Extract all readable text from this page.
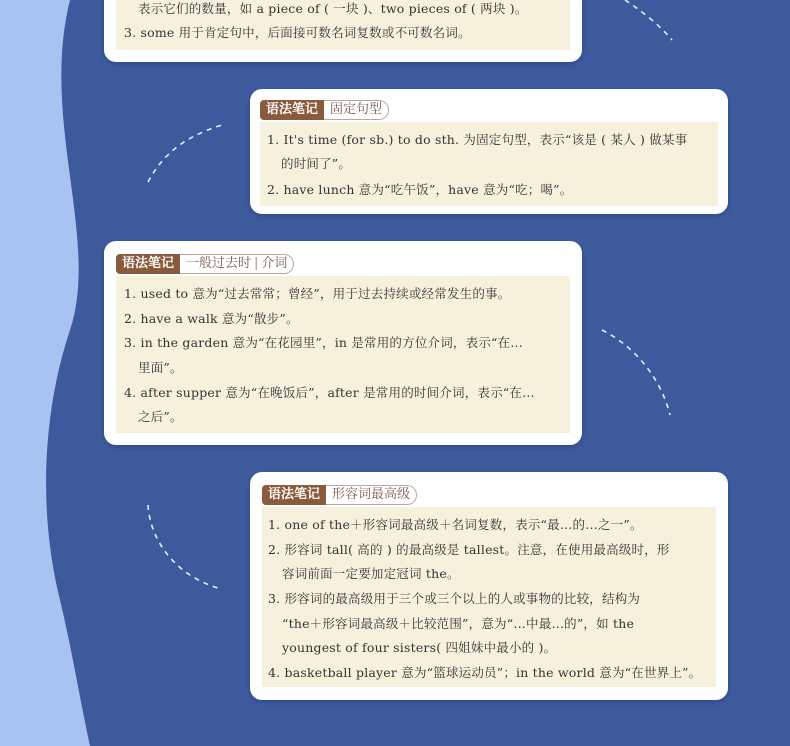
表示它们的数量，如 a piece of ( 一块 )、two pieces of ( 两块 )。
3. some 用于肯定句中，后面接可数名词复数或不可数名词。
语法笔记 固定句型
1. It's time (for sb.) to do sth. 为固定句型，表示“该是 ( 某人 ) 做某事
的时间了”。
2. have lunch 意为“吃午饭”，have 意为“吃；喝”。
语法笔记 一般过去时 | 介词
1. used to 意为“过去常常；曾经”，用于过去持续或经常发生的事。
2. have a walk 意为“散步”。
3. in the garden 意为“在花园里”，in 是常用的方位介词，表示“在…
里面”。
4. after supper 意为“在晚饭后”，after 是常用的时间介词，表示“在…
之后”。
语法笔记 形容词最高级
1. one of the＋形容词最高级＋名词复数，表示“最…的…之一”。
2. 形容词 tall( 高的 ) 的最高级是 tallest。注意，在使用最高级时，形
容词前面一定要加定冠词 the。
3. 形容词的最高级用于三个或三个以上的人或事物的比较，结构为
“the＋形容词最高级＋比较范围”，意为“…中最…的”，如 the
youngest of four sisters( 四姐妹中最小的 )。
4. basketball player 意为“篮球运动员”；in the world 意为“在世界上”。
